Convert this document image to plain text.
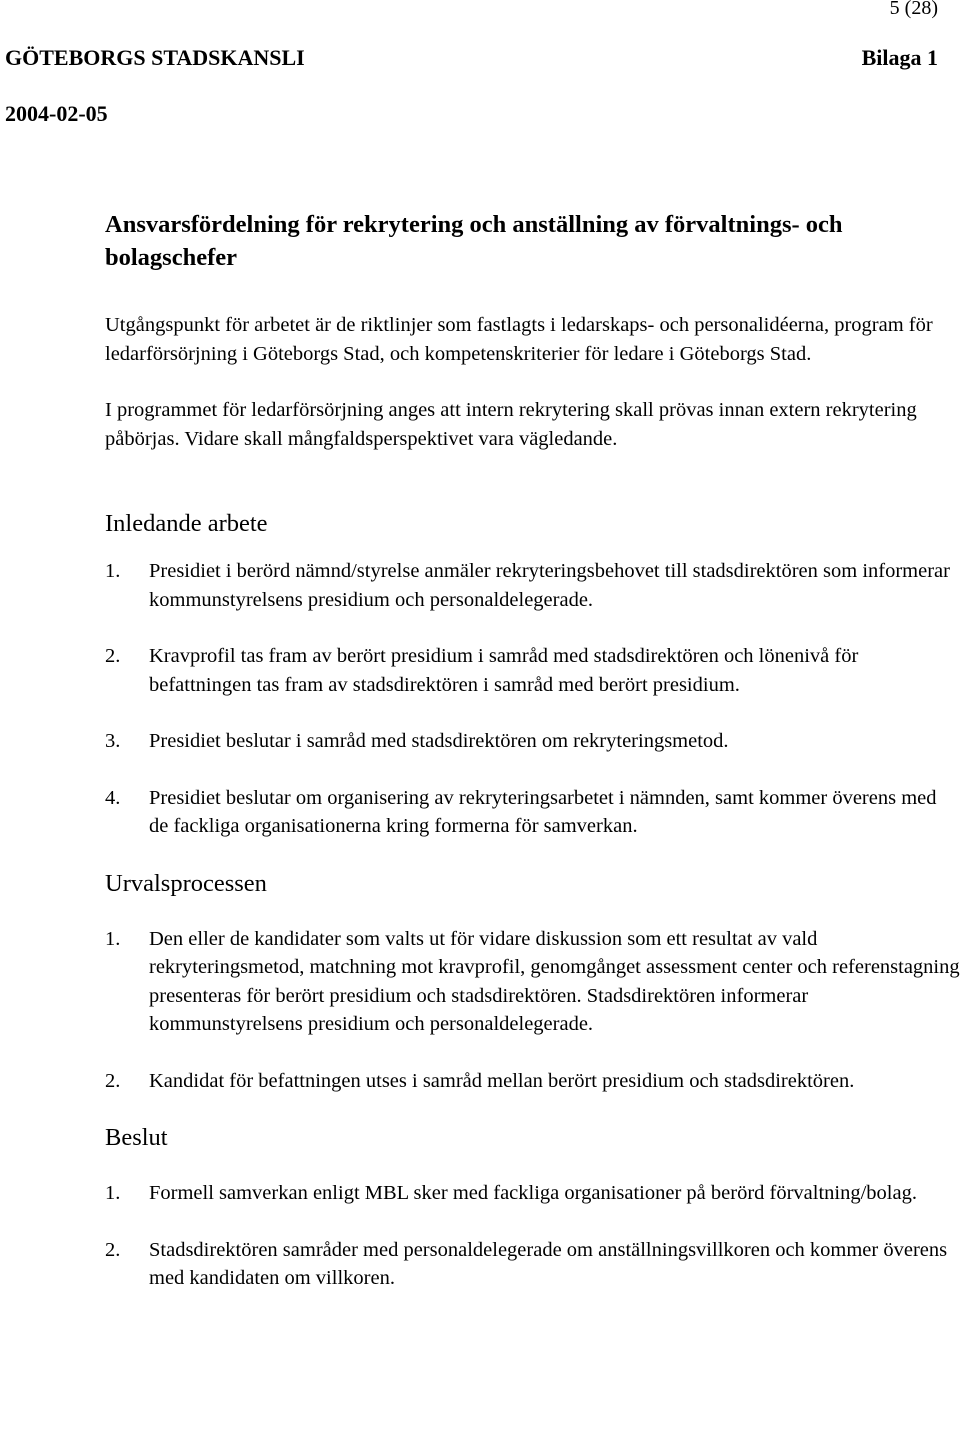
5 (28)
GÖTEBORGS STADSKANSLI	Bilaga 1
2004-02-05
Ansvarsfördelning för rekrytering och anställning av förvaltnings- och bolagschefer

Utgångspunkt för arbetet är de riktlinjer som fastlagts i ledarskaps- och personalidéerna, program för ledarförsörjning i Göteborgs Stad, och kompetenskriterier för ledare i Göteborgs Stad.

I programmet för ledarförsörjning anges att intern rekrytering skall prövas innan extern rekrytering påbörjas. Vidare skall mångfaldsperspektivet vara vägledande.

Inledande arbete
1. Presidiet i berörd nämnd/styrelse anmäler rekryteringsbehovet till stadsdirektören som informerar kommunstyrelsens presidium och personaldelegerade.
2. Kravprofil tas fram av berört presidium i samråd med stadsdirektören och lönenivå för befattningen tas fram av stadsdirektören i samråd med berört presidium.
3. Presidiet beslutar i samråd med stadsdirektören om rekryteringsmetod.
4. Presidiet beslutar om organisering av rekryteringsarbetet i nämnden, samt kommer överens med de fackliga organisationerna kring formerna för samverkan.
Urvalsprocessen
1. Den eller de kandidater som valts ut för vidare diskussion som ett resultat av vald rekryteringsmetod, matchning mot kravprofil, genomgånget assessment center och referenstagning presenteras för berört presidium och stadsdirektören. Stadsdirektören informerar kommunstyrelsens presidium och personaldelegerade.
2. Kandidat för befattningen utses i samråd mellan berört presidium och stadsdirektören.
Beslut
1. Formell samverkan enligt MBL sker med fackliga organisationer på berörd förvaltning/bolag.
2. Stadsdirektören samråder med personaldelegerade om anställningsvillkoren och kommer överens med kandidaten om villkoren.
